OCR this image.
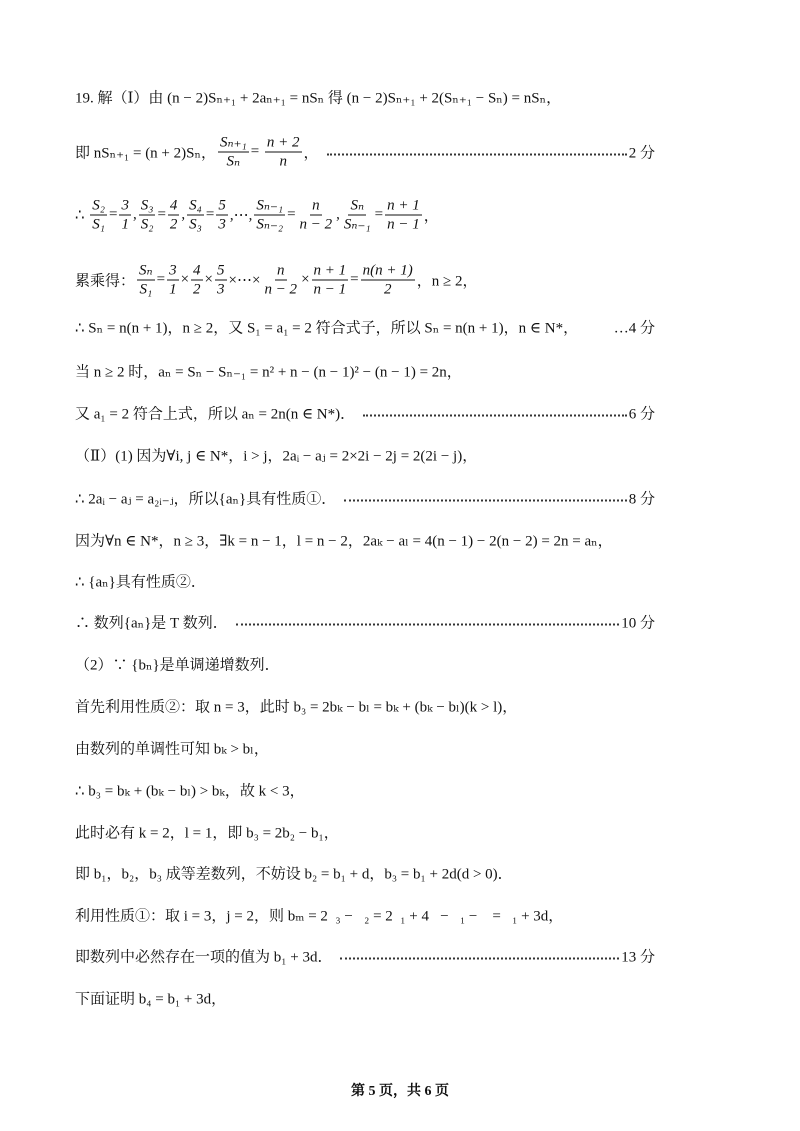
19. 解（Ⅰ）由 (n − 2)Sₙ₊₁ + 2aₙ₊₁ = nSₙ 得 (n − 2)Sₙ₊₁ + 2(Sₙ₊₁ − Sₙ) = nSₙ，
即 nSₙ₊₁ = (n + 2)Sₙ， $\frac{\text{Sₙ₊₁}}{\text{Sₙ}} = \frac{n + 2}{n}$ ，	2 分
∴ $\frac{\text{S₂}}{\text{S₁}} = \frac{3}{1}$ , $\frac{\text{S₃}}{\text{S₂}} = \frac{4}{2}$ , $\frac{\text{S₄}}{\text{S₃}} = \frac{5}{3}$ ,⋯, $\frac{\text{Sₙ₋₁}}{\text{Sₙ₋₂}} = \frac{n}{n - 2}$ , $\frac{\text{Sₙ}}{\text{Sₙ₋₁}} = \frac{n + 1}{n - 1}$ ，
累乘得： $\frac{\text{Sₙ}}{\text{S₁}} = \frac{3}{1} \times \frac{4}{2} \times \frac{5}{3}$ ×⋯× $\frac{n}{n - 2} \times \frac{n + 1}{n - 1} = \frac{n(n + 1)}{2}$ ，n ≥ 2，
∴ Sₙ = n(n + 1)，n ≥ 2，又 S₁ = a₁ = 2 符合式子，所以 Sₙ = n(n + 1)，n ∈ N*， …4 分
当 n ≥ 2 时，aₙ = Sₙ − Sₙ₋₁ = n² + n − (n − 1)² − (n − 1) = 2n，
又 a₁ = 2 符合上式，所以 aₙ = 2n(n ∈ N*)．	6 分
（Ⅱ）(1) 因为∀i, j ∈ N*，i > j，2aᵢ − aⱼ = 2×2i − 2j = 2(2i − j)，
∴ 2aᵢ − aⱼ = a₂ᵢ₋ⱼ，所以{aₙ}具有性质①．	8 分
因为∀n ∈ N*，n ≥ 3，∃k = n − 1，l = n − 2，2aₖ − aₗ = 4(n − 1) − 2(n − 2) = 2n = aₙ，
∴ {aₙ}具有性质②．
∴ 数列{aₙ}是 T 数列．	10 分
（2）∵ {bₙ}是单调递增数列．
首先利用性质②：取 n = 3，此时 b₃ = 2bₖ − bₗ = bₖ + (bₖ − bₗ)(k > l)，
由数列的单调性可知 bₖ > bₗ，
∴ b₃ = bₖ + (bₖ − bₗ) > bₖ，故 k < 3，
此时必有 k = 2，l = 1，即 b₃ = 2b₂ − b₁，
即 b₁，b₂，b₃ 成等差数列，不妨设 b₂ = b₁ + d，b₃ = b₁ + 2d(d > 0)．
利用性质①：取 i = 3，j = 2，则 bₘ = 2  ₃ −   ₂ = 2  ₁ + 4   −   ₁ −    =   ₁ + 3d，
即数列中必然存在一项的值为 b₁ + 3d．	13 分
下面证明 b₄ = b₁ + 3d，
第 5 页，共 6 页
